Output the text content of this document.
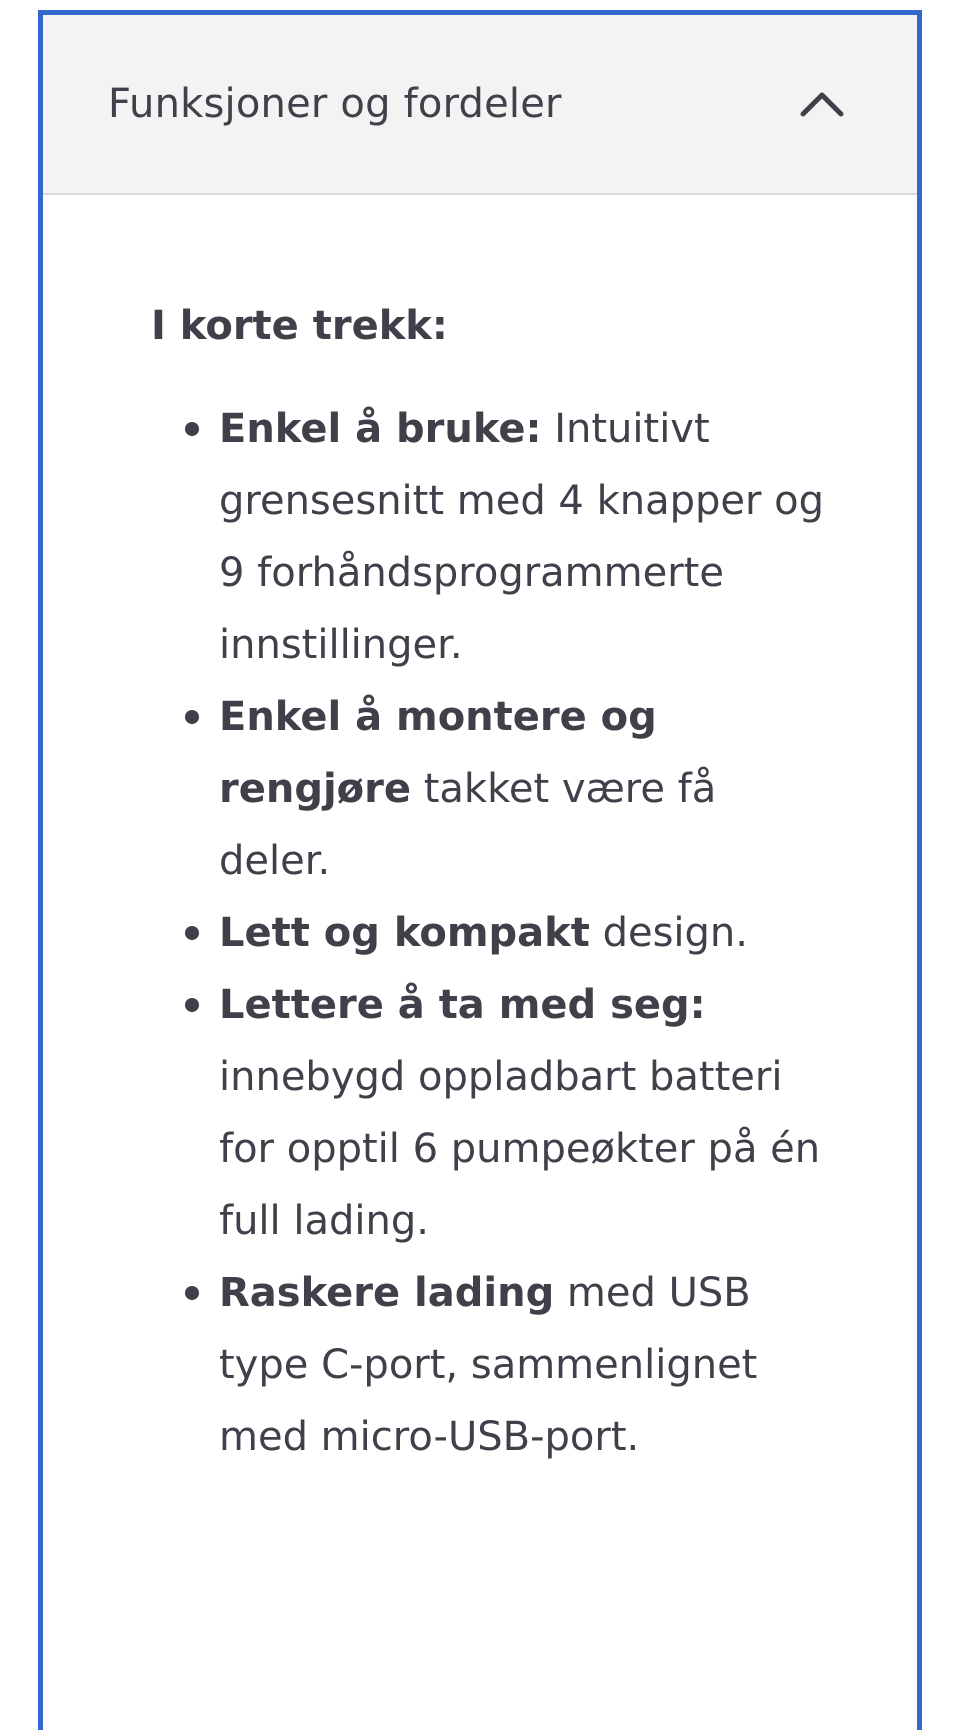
Funksjoner og fordeler
I korte trekk:
Enkel å bruke: Intuitivt grensesnitt med 4 knapper og 9 forhåndsprogrammerte innstillinger.
Enkel å montere og rengjøre takket være få deler.
Lett og kompakt design.
Lettere å ta med seg: innebygd oppladbart batteri for opptil 6 pumpeøkter på én full lading.
Raskere lading med USB type C-port, sammenlignet med micro-USB-port.
